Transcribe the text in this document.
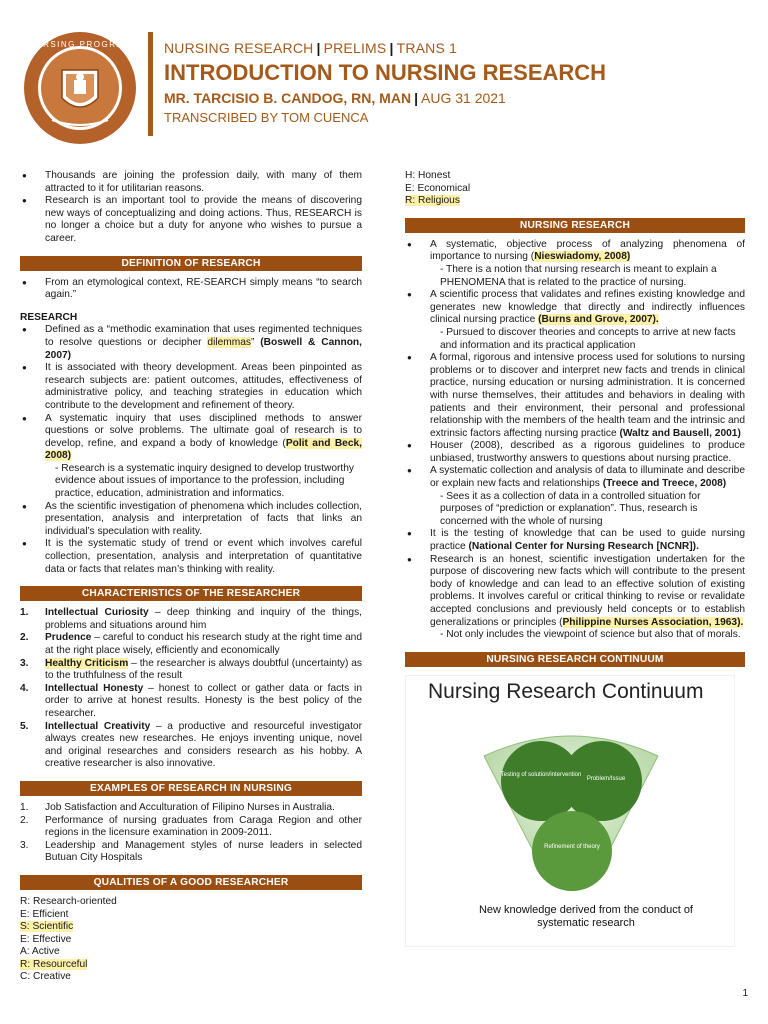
NURSING PROGRAM NURSING RESEARCH | PRELIMS | TRANS 1
INTRODUCTION TO NURSING RESEARCH
MR. TARCISIO B. CANDOG, RN, MAN | AUG 31 2021
TRANSCRIBED BY TOM CUENCA
● Thousands are joining the profession daily, with many of them attracted to it for utilitarian reasons.
● Research is an important tool to provide the means of discovering new ways of conceptualizing and doing actions. Thus, RESEARCH is no longer a choice but a duty for anyone who wishes to pursue a career.
DEFINITION OF RESEARCH
● From an etymological context, RE-SEARCH simply means “to search again.”
RESEARCH
● Defined as a “methodic examination that uses regimented techniques to resolve questions or decipher dilemmas” (Boswell & Cannon, 2007)
● It is associated with theory development. Areas been pinpointed as research subjects are: patient outcomes, attitudes, effectiveness of administrative policy, and teaching strategies in education which contribute to the development and refinement of theory.
● A systematic inquiry that uses disciplined methods to answer questions or solve problems. The ultimate goal of research is to develop, refine, and expand a body of knowledge (Polit and Beck, 2008)
- Research is a systematic inquiry designed to develop trustworthy evidence about issues of importance to the profession, including practice, education, administration and informatics.
● As the scientific investigation of phenomena which includes collection, presentation, analysis and interpretation of facts that links an individual’s speculation with reality.
● It is the systematic study of trend or event which involves careful collection, presentation, analysis and interpretation of quantitative data or facts that relates man’s thinking with reality.
CHARACTERISTICS OF THE RESEARCHER
1. Intellectual Curiosity – deep thinking and inquiry of the things, problems and situations around him
2. Prudence – careful to conduct his research study at the right time and at the right place wisely, efficiently and economically
3. Healthy Criticism – the researcher is always doubtful (uncertainty) as to the truthfulness of the result
4. Intellectual Honesty – honest to collect or gather data or facts in order to arrive at honest results. Honesty is the best policy of the researcher.
5. Intellectual Creativity – a productive and resourceful investigator always creates new researches. He enjoys inventing unique, novel and original researches and considers research as his hobby. A creative researcher is also innovative.
EXAMPLES OF RESEARCH IN NURSING
1. Job Satisfaction and Acculturation of Filipino Nurses in Australia.
2. Performance of nursing graduates from Caraga Region and other regions in the licensure examination in 2009-2011.
3. Leadership and Management styles of nurse leaders in selected Butuan City Hospitals
QUALITIES OF A GOOD RESEARCHER
R: Research-oriented
E: Efficient
S: Scientific
E: Effective
A: Active
R: Resourceful
C: Creative
H: Honest
E: Economical
R: Religious
NURSING RESEARCH
● A systematic, objective process of analyzing phenomena of importance to nursing (Nieswiadomy, 2008)
- There is a notion that nursing research is meant to explain a PHENOMENA that is related to the practice of nursing.
● A scientific process that validates and refines existing knowledge and generates new knowledge that directly and indirectly influences clinical nursing practice (Burns and Grove, 2007).
- Pursued to discover theories and concepts to arrive at new facts and information and its practical application
● A formal, rigorous and intensive process used for solutions to nursing problems or to discover and interpret new facts and trends in clinical practice, nursing education or nursing administration. It is concerned with nurse themselves, their attitudes and behaviors in dealing with patients and their environment, their personal and professional relationship with the members of the health team and the intrinsic and extrinsic factors affecting nursing practice (Waltz and Bausell, 2001)
● Houser (2008), described as a rigorous guidelines to produce unbiased, trustworthy answers to questions about nursing practice.
● A systematic collection and analysis of data to illuminate and describe or explain new facts and relationships (Treece and Treece, 2008)
- Sees it as a collection of data in a controlled situation for purposes of “prediction or explanation”. Thus, research is concerned with the whole of nursing
● It is the testing of knowledge that can be used to guide nursing practice (National Center for Nursing Research [NCNR]).
● Research is an honest, scientific investigation undertaken for the purpose of discovering new facts which will contribute to the present body of knowledge and can lead to an effective solution of existing problems. It involves careful or critical thinking to revise or revalidate accepted conclusions and previously held concepts or to establish generalizations or principles (Philippine Nurses Association, 1963).
- Not only includes the viewpoint of science but also that of morals.
NURSING RESEARCH CONTINUUM
Nursing Research Continuum
Testing of solution/intervention
Problem/Issue
Refinement of theory
New knowledge derived from the conduct of systematic research
1
